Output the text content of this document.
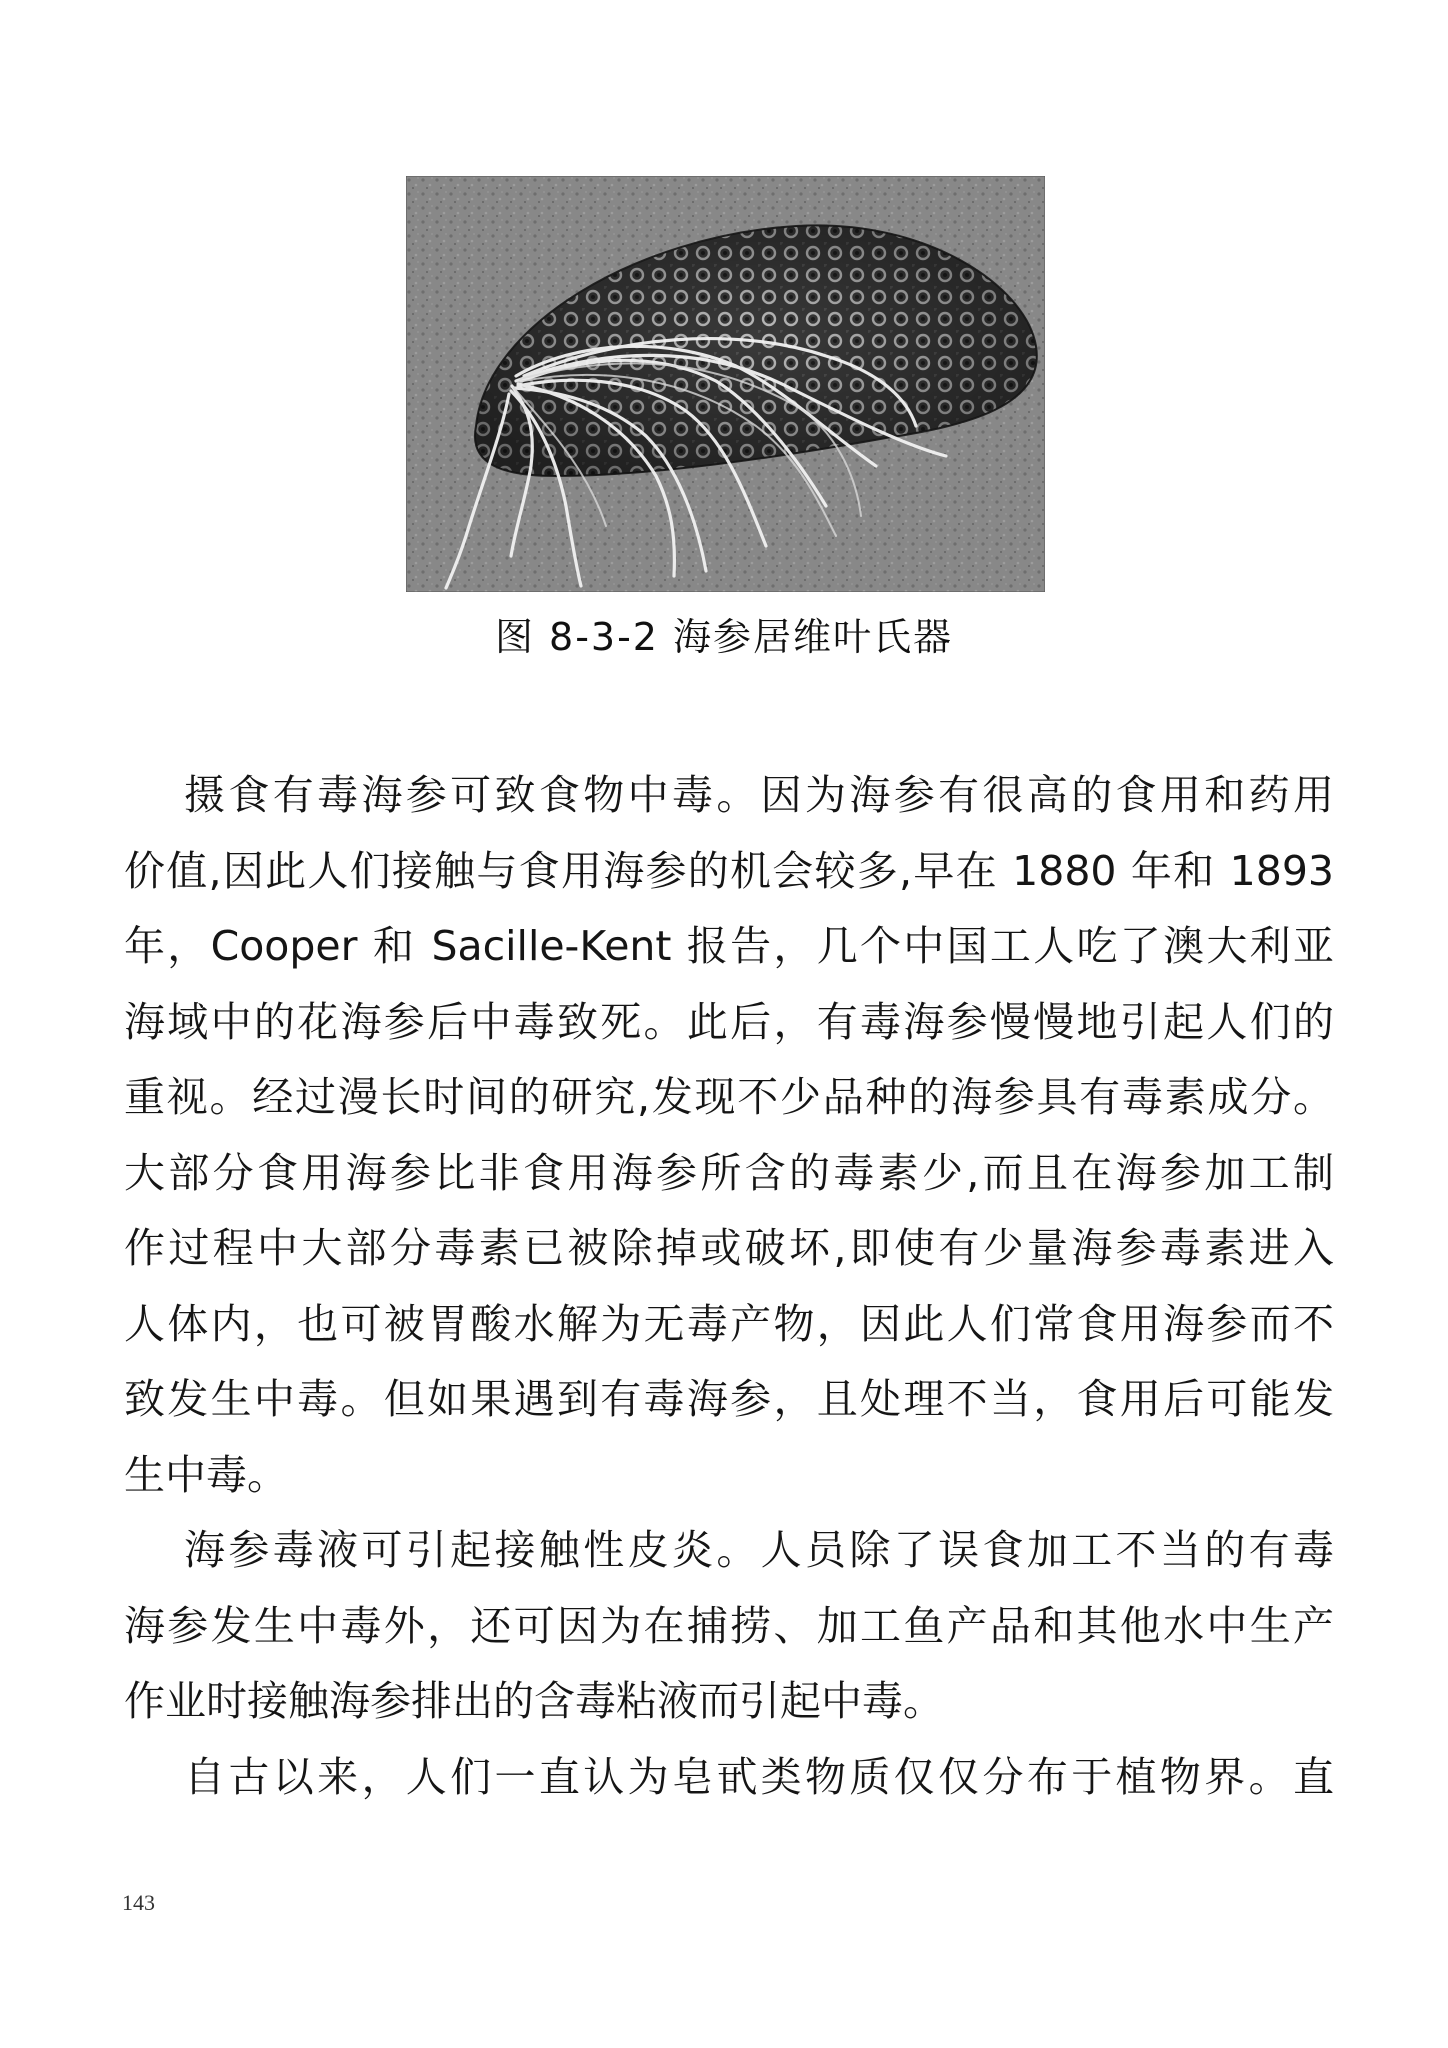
图 8-3-2 海参居维叶氏器
摄食有毒海参可致食物中毒。因为海参有很高的食用和药用
价值,因此人们接触与食用海参的机会较多,早在 1880 年和 1893
年，Cooper 和 Sacille-Kent 报告，几个中国工人吃了澳大利亚
海域中的花海参后中毒致死。此后，有毒海参慢慢地引起人们的
重视。经过漫长时间的研究,发现不少品种的海参具有毒素成分。
大部分食用海参比非食用海参所含的毒素少,而且在海参加工制
作过程中大部分毒素已被除掉或破坏,即使有少量海参毒素进入
人体内，也可被胃酸水解为无毒产物，因此人们常食用海参而不
致发生中毒。但如果遇到有毒海参，且处理不当，食用后可能发
生中毒。
海参毒液可引起接触性皮炎。人员除了误食加工不当的有毒
海参发生中毒外，还可因为在捕捞、加工鱼产品和其他水中生产
作业时接触海参排出的含毒粘液而引起中毒。
自古以来，人们一直认为皂甙类物质仅仅分布于植物界。直
143
